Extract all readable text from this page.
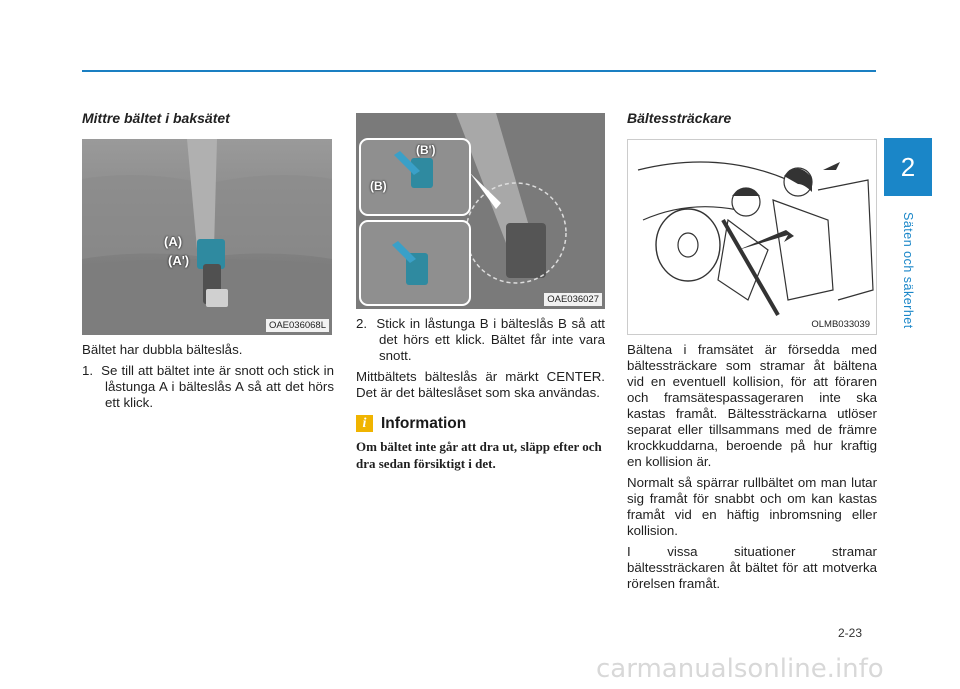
2
Säten och säkerhet
Mittre bältet i baksätet
(A)
(A')
OAE036068L

Bältet har dubbla bälteslås.

1. Se till att bältet inte är snott och stick in låstunga A i bälteslås A så att det hörs ett klick.

(B')
(B)
OAE036027

2. Stick in låstunga B i bälteslås B så att det hörs ett klick. Bältet får inte vara snott.

Mittbältets bälteslås är märkt CENTER. Det är det bälteslåset som ska användas.

i Information
Om bältet inte går att dra ut, släpp efter och dra sedan försiktigt i det.
Bältessträckare
OLMB033039

Bältena i framsätet är försedda med bältessträckare som stramar åt bältena vid en eventuell kollision, för att föraren och framsätespassageraren inte ska kastas framåt. Bältessträckarna utlöser separat eller tillsammans med de främre krockkuddarna, beroende på hur kraftig en kollision är.

Normalt så spärrar rullbältet om man lutar sig framåt för snabbt och om kan kastas framåt vid en häftig inbromsning eller kollision.

I vissa situationer stramar bältessträckaren åt bältet för att motverka rörelsen framåt.

2-23
carmanualsonline.info
